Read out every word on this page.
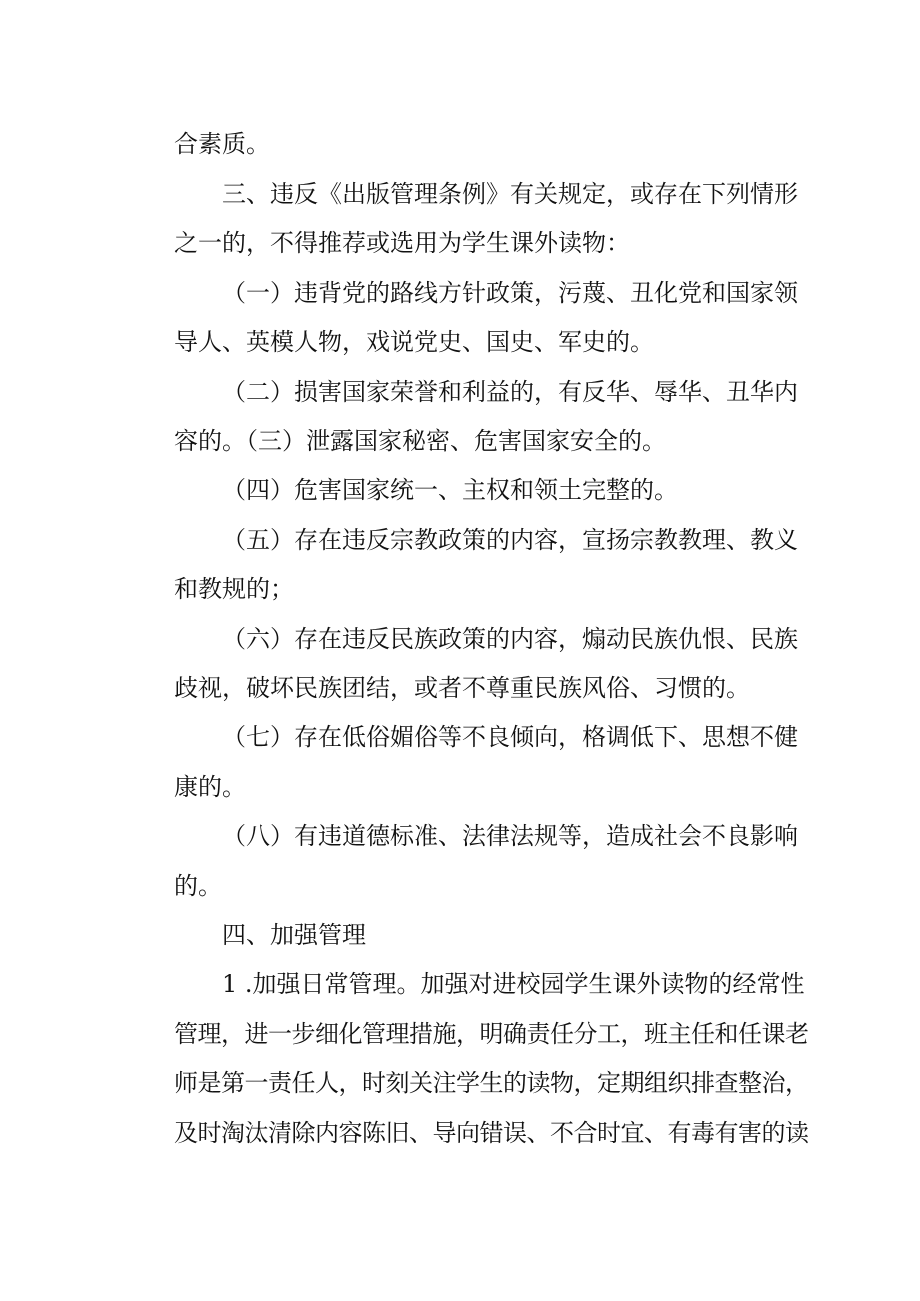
合素质。
三、违反《出版管理条例》有关规定，或存在下列情形
之一的，不得推荐或选用为学生课外读物：
（一）违背党的路线方针政策，污蔑、丑化党和国家领
导人、英模人物，戏说党史、国史、军史的。
（二）损害国家荣誉和利益的，有反华、辱华、丑华内
容的。（三）泄露国家秘密、危害国家安全的。
（四）危害国家统一、主权和领土完整的。
（五）存在违反宗教政策的内容，宣扬宗教教理、教义
和教规的；
（六）存在违反民族政策的内容，煽动民族仇恨、民族
歧视，破坏民族团结，或者不尊重民族风俗、习惯的。
（七）存在低俗媚俗等不良倾向，格调低下、思想不健
康的。
（八）有违道德标准、法律法规等，造成社会不良影响
的。
四、加强管理
1 .加强日常管理。加强对进校园学生课外读物的经常性
管理，进一步细化管理措施，明确责任分工，班主任和任课老
师是第一责任人，时刻关注学生的读物，定期组织排查整治，
及时淘汰清除内容陈旧、导向错误、不合时宜、有毒有害的读
